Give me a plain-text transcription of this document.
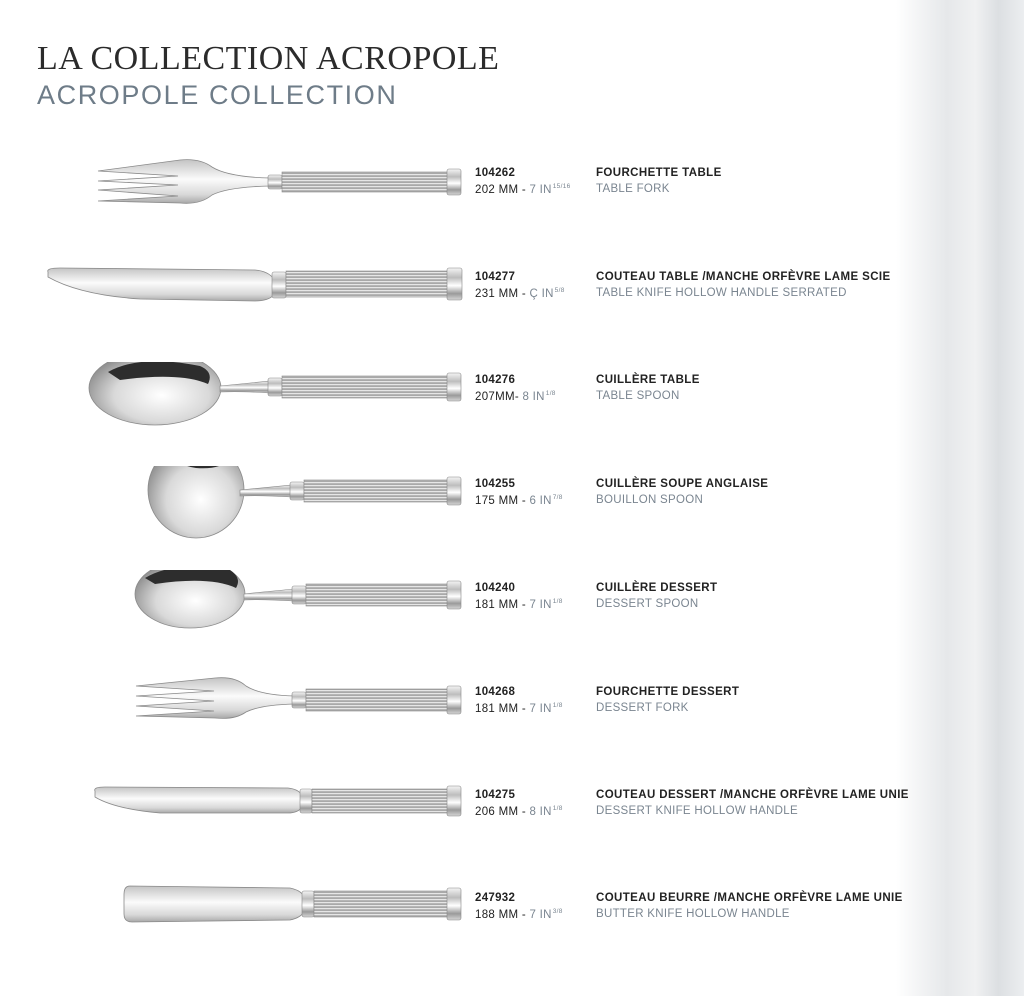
LA COLLECTION ACROPOLE
ACROPOLE COLLECTION
104262
202 MM - 7 $IN^{15/16}$
FOURCHETTE TABLE
TABLE FORK
104277
231 MM - Ç $IN^{5/8}$
COUTEAU TABLE /MANCHE ORFÈVRE LAME SCIE
TABLE KNIFE HOLLOW HANDLE SERRATED
104276
207MM- 8 $IN^{1/8}$
CUILLÈRE TABLE
TABLE SPOON
104255
175 MM - 6 $IN^{7/8}$
CUILLÈRE SOUPE ANGLAISE
BOUILLON SPOON
104240
181 MM - 7 $IN^{1/8}$
CUILLÈRE DESSERT
DESSERT SPOON
104268
181 MM - 7 $IN^{1/8}$
FOURCHETTE DESSERT
DESSERT FORK
104275
206 MM - 8 $IN^{1/8}$
COUTEAU DESSERT /MANCHE ORFÈVRE LAME UNIE
DESSERT KNIFE HOLLOW HANDLE
247932
188 MM - 7 $IN^{3/8}$
COUTEAU BEURRE /MANCHE ORFÈVRE LAME UNIE
BUTTER KNIFE HOLLOW HANDLE
